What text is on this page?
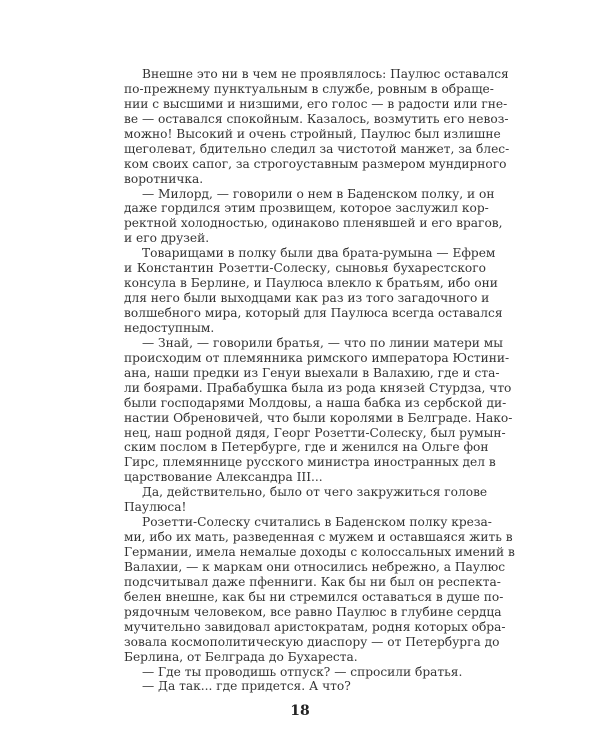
Внешне это ни в чем не проявлялось: Паулюс оставался
по-прежнему пунктуальным в службе, ровным в обраще-
нии с высшими и низшими, его голос — в радости или гне-
ве — оставался спокойным. Казалось, возмутить его невоз-
можно! Высокий и очень стройный, Паулюс был излишне
щеголеват, бдительно следил за чистотой манжет, за блес-
ком своих сапог, за строгоуставным размером мундирного
воротничка.
— Милорд, — говорили о нем в Баденском полку, и он
даже гордился этим прозвищем, которое заслужил кор-
ректной холодностью, одинаково пленявшей и его врагов,
и его друзей.
Товарищами в полку были два брата-румына — Ефрем
и Константин Розетти-Солеску, сыновья бухарестского
консула в Берлине, и Паулюса влекло к братьям, ибо они
для него были выходцами как раз из того загадочного и
волшебного мира, который для Паулюса всегда оставался
недоступным.
— Знай, — говорили братья, — что по линии матери мы
происходим от племянника римского императора Юстини-
ана, наши предки из Генуи выехали в Валахию, где и ста-
ли боярами. Прабабушка была из рода князей Стурдза, что
были господарями Молдовы, а наша бабка из сербской ди-
настии Обреновичей, что были королями в Белграде. Нако-
нец, наш родной дядя, Георг Розетти-Солеску, был румын-
ским послом в Петербурге, где и женился на Ольге фон
Гирс, племяннице русского министра иностранных дел в
царствование Александра III...
Да, действительно, было от чего закружиться голове
Паулюса!
Розетти-Солеску считались в Баденском полку креза-
ми, ибо их мать, разведенная с мужем и оставшаяся жить в
Германии, имела немалые доходы с колоссальных имений в
Валахии, — к маркам они относились небрежно, а Паулюс
подсчитывал даже пфенниги. Как бы ни был он респекта-
белен внешне, как бы ни стремился оставаться в душе по-
рядочным человеком, все равно Паулюс в глубине сердца
мучительно завидовал аристократам, родня которых обра-
зовала космополитическую диаспору — от Петербурга до
Берлина, от Белграда до Бухареста.
— Где ты проводишь отпуск? — спросили братья.
— Да так... где придется. А что?
18
